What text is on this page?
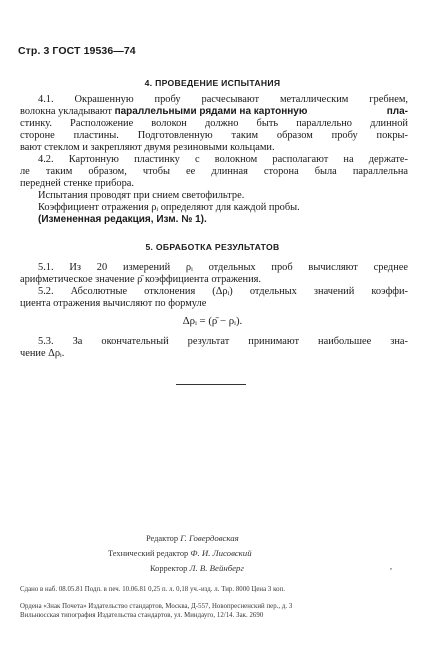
Стр. 3 ГОСТ 19536—74
4. ПРОВЕДЕНИЕ ИСПЫТАНИЯ
4.1. Окрашенную пробу расчесывают металлическим гребнем,
волокна укладывают параллельными рядами на картонную	пла-
стинку. Расположение волокон должно быть параллельно длинной
стороне пластины. Подготовленную таким образом пробу покры-
вают стеклом и закрепляют двумя резиновыми кольцами.
4.2. Картонную пластинку с волокном располагают на держате-
ле таким образом, чтобы ее длинная сторона была параллельна
передней стенке прибора.
Испытания проводят при снием светофильтре.
Коэффициент отражения ρᵢ определяют для каждой пробы.
(Измененная редакция, Изм. № 1).
5. ОБРАБОТКА РЕЗУЛЬТАТОВ
5.1. Из 20 измерений ρᵢ отдельных проб вычисляют среднее
арифметическое значение ρ̄ коэффициента отражения.
5.2. Абсолютные отклонения (Δρᵢ) отдельных значений коэффи-
циента отражения вычисляют по формуле
Δρᵢ = (ρ̄ − ρᵢ).
5.3. За окончательный результат принимают наибольшее зна-
чение Δρᵢ.
Редактор Г. Говердовская
Технический редактор Ф. И. Лисовский
Корректор Л. В. Вейнберг	,
Сдано в наб. 08.05.81 Подп. в печ. 10.06.81 0,25 п. л. 0,18 уч.-изд. л. Тир. 8000 Цена 3 коп.
Ордена «Знак Почета» Издательство стандартов, Москва, Д-557, Новопресненский пер., д. 3
Вильнюсская типография Издательства стандартов, ул. Миндауго, 12/14. Зак. 2690
